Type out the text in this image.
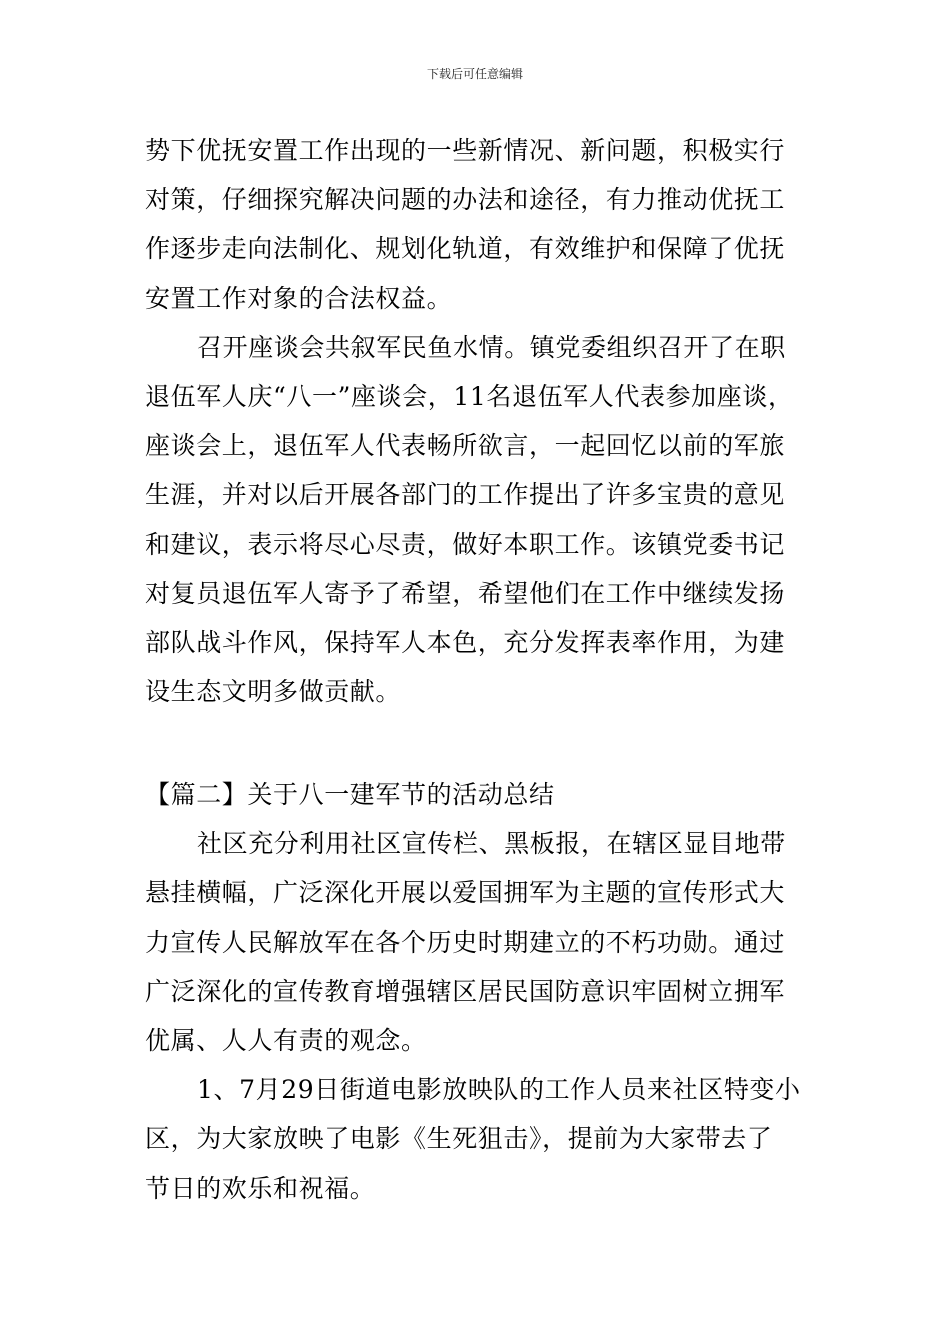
下载后可任意编辑
势下优抚安置工作出现的一些新情况、新问题，积极实行
对策，仔细探究解决问题的办法和途径，有力推动优抚工
作逐步走向法制化、规划化轨道，有效维护和保障了优抚
安置工作对象的合法权益。
召开座谈会共叙军民鱼水情。镇党委组织召开了在职
退伍军人庆“八一”座谈会，11名退伍军人代表参加座谈，
座谈会上，退伍军人代表畅所欲言，一起回忆以前的军旅
生涯，并对以后开展各部门的工作提出了许多宝贵的意见
和建议，表示将尽心尽责，做好本职工作。该镇党委书记
对复员退伍军人寄予了希望，希望他们在工作中继续发扬
部队战斗作风，保持军人本色，充分发挥表率作用，为建
设生态文明多做贡献。
【篇二】关于八一建军节的活动总结
社区充分利用社区宣传栏、黑板报，在辖区显目地带
悬挂横幅，广泛深化开展以爱国拥军为主题的宣传形式大
力宣传人民解放军在各个历史时期建立的不朽功勋。通过
广泛深化的宣传教育增强辖区居民国防意识牢固树立拥军
优属、人人有责的观念。
1、7月29日街道电影放映队的工作人员来社区特变小
区，为大家放映了电影《生死狙击》，提前为大家带去了
节日的欢乐和祝福。
